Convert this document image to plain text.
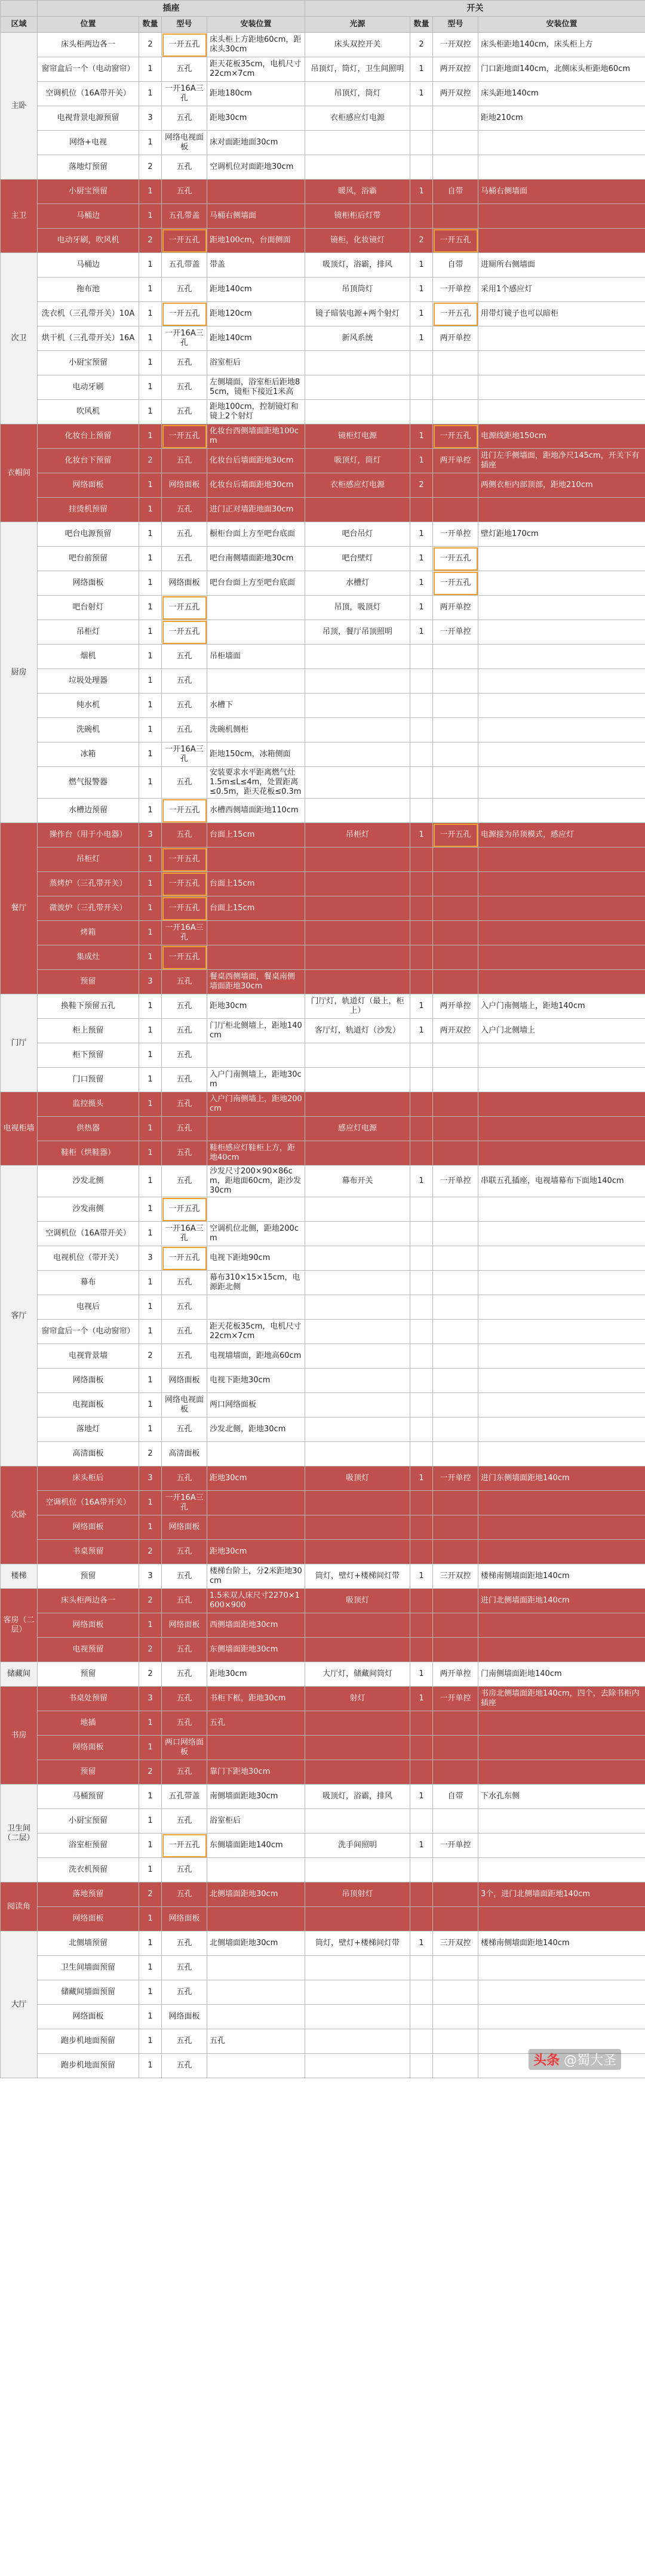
	插座				开关			
区域	位置	数量	型号	安装位置	光源	数量	型号	安装位置
主卧	床头柜两边各一	2	一开五孔	床头柜上方距地60cm，距床头30cm	床头双控开关	2	一开双控	床头柜距地140cm，床头柜上方
	窗帘盒后一个（电动窗帘）	1	五孔	距天花板35cm，电机尺寸22cm×7cm	吊顶灯，筒灯，卫生间照明	1	两开双控	门口距地面140cm，北侧床头柜距地60cm
	空调机位（16A带开关）	1	一开16A三孔	距地180cm	吊顶灯，筒灯	1	两开双控	床头距地140cm
	电视背景电源预留	3	五孔	距地30cm	衣柜感应灯电源			距地210cm
	网络+电视	1	网络电视面板	床对面距地面30cm				
	落地灯预留	2	五孔	空调机位对面距地30cm				
主卫	小厨宝预留	1	五孔		暖风，浴霸	1	自带	马桶右侧墙面
	马桶边	1	五孔带盖	马桶右侧墙面	镜柜柜后灯带			
	电动牙刷，吹风机	2	一开五孔	距地100cm，台面侧面	镜柜，化妆镜灯	2	一开五孔	
次卫	马桶边	1	五孔带盖	带盖	吸顶灯，浴霸，排风	1	自带	进厕所右侧墙面
	拖布池	1	五孔	距地140cm	吊顶筒灯	1	一开单控	采用1个感应灯
	洗衣机（三孔带开关）10A	1	一开五孔	距地120cm	镜子暗装电源+两个射灯	1	一开五孔	用带灯镜子也可以暗柜
	烘干机（三孔带开关）16A	1	一开16A三孔	距地140cm	新风系统	1	两开单控	
	小厨宝预留	1	五孔	浴室柜后				
	电动牙刷	1	五孔	左侧墙面，浴室柜后距地85cm，镜柜下接近1米高				
	吹风机	1	五孔	距地100cm，控制镜灯和镜上2个射灯				
衣帽间	化妆台上预留	1	一开五孔	化妆台西侧墙面距地100cm	镜柜灯电源	1	一开五孔	电源线距地150cm
	化妆台下预留	2	五孔	化妆台后墙面距地30cm	吸顶灯，筒灯	1	两开单控	进门左手侧墙面，距地净尺145cm，开关下有插座
	网络面板	1	网络面板	化妆台后墙面距地30cm	衣柜感应灯电源	2		两侧衣柜内部顶部，距地210cm
	挂烫机预留	1	五孔	进门正对墙距地面30cm				
厨房	吧台电源预留	1	五孔	橱柜台面上方至吧台底面	吧台吊灯	1	一开单控	壁灯距地170cm
	吧台前预留	1	五孔	吧台南侧墙面距地30cm	吧台壁灯	1	一开五孔	
	网络面板	1	网络面板	吧台台面上方至吧台底面	水槽灯	1	一开五孔	
	吧台射灯	1	一开五孔		吊顶，吸顶灯	1	两开单控	
	吊柜灯	1	一开五孔		吊顶，餐厅吊顶照明	1	一开单控	
	烟机	1	五孔	吊柜墙面				
	垃圾处理器	1	五孔					
	纯水机	1	五孔	水槽下				
	洗碗机	1	五孔	洗碗机侧柜				
	冰箱	1	一开16A三孔	距地150cm，冰箱侧面				
	燃气报警器	1	五孔	安装要求水平距离燃气灶1.5m≤L≤4m，处置距离≤0.5m，距天花板≤0.3m				
	水槽边预留	1	一开五孔	水槽西侧墙面距地110cm				
餐厅	操作台（用于小电器）	3	五孔	台面上15cm	吊柜灯	1	一开五孔	电源接为吊顶模式，感应灯
	吊柜灯	1	一开五孔					
	蒸烤炉（三孔带开关）	1	一开五孔	台面上15cm				
	微波炉（三孔带开关）	1	一开五孔	台面上15cm				
	烤箱	1	一开16A三孔					
	集成灶	1	一开五孔					
	预留	3	五孔	餐桌西侧墙面，餐桌南侧墙面距地30cm				
门厅	换鞋下预留五孔	1	五孔	距地30cm	门厅灯，轨道灯（最上，柜上）	1	两开单控	入户门南侧墙上，距地140cm
	柜上预留	1	五孔	门厅柜北侧墙上，距地140cm	客厅灯，轨道灯（沙发）	1	两开双控	入户门北侧墙上
	柜下预留	1	五孔					
	门口预留	1	五孔	入户门南侧墙上，距地30cm				
电视柜墙	监控摄头	1	五孔	入户门南侧墙上，距地200cm				
	供热器	1	五孔		感应灯电源			
	鞋柜（烘鞋器）	1	五孔	鞋柜感应灯鞋柜上方，距地40cm				
客厅	沙发北侧	1	五孔	沙发尺寸200×90×86cm，距地面60cm，距沙发30cm	幕布开关	1	一开单控	串联五孔插座，电视墙幕布下面地140cm
	沙发南侧	1	一开五孔					
	空调机位（16A带开关）	1	一开16A三孔	空调机位北侧，距地200cm				
	电视机位（带开关）	3	一开五孔	电视下距地90cm				
	幕布	1	五孔	幕布310×15×15cm，电源距北侧				
	电视后	1	五孔					
	窗帘盒后一个（电动窗帘）	1	五孔	距天花板35cm，电机尺寸22cm×7cm				
	电视背景墙	2	五孔	电视墙墙面，距地高60cm				
	网络面板	1	网络面板	电视下距地30cm				
	电视面板	1	网络电视面板	两口网络面板				
	落地灯	1	五孔	沙发北侧，距地30cm				
	高清面板	2	高清面板					
次卧	床头柜后	3	五孔	距地30cm	吸顶灯	1	一开单控	进门东侧墙面距地140cm
	空调机位（16A带开关）	1	一开16A三孔					
	网络面板	1	网络面板					
	书桌预留	2	五孔	距地30cm				
楼梯	预留	3	五孔	楼梯台阶上，分2米距地30cm	筒灯，壁灯+楼梯间灯带	1	三开双控	楼梯南侧墙面距地140cm
客房（二层）	床头柜两边各一	2	五孔	1.5米双人床尺寸2270×1600×900	吸顶灯			进门北侧墙面距地140cm
	网络面板	1	网络面板	西侧墙面距地30cm				
	电视预留	2	五孔	东侧墙面距地30cm				
储藏间	预留	2	五孔	距地30cm	大厅灯，储藏间筒灯	1	两开单控	门南侧墙面距地140cm
书房	书桌处预留	3	五孔	书柜下框，距地30cm	射灯	1	一开单控	书房北侧墙面距地140cm，四个，去除书柜内插座
	地插	1	五孔	五孔				
	网络面板	1	两口网络面板					
	预留	2	五孔	靠门下距地30cm				
卫生间（二层）	马桶预留	1	五孔带盖	南侧墙面距地30cm	吸顶灯，浴霸，排风	1	自带	下水孔东侧
	小厨宝预留	1	五孔	浴室柜后				
	浴室柜预留	1	一开五孔	东侧墙面距地140cm	洗手间照明	1	一开单控	
	洗衣机预留	1	五孔					
阅读角	落地预留	2	五孔	北侧墙面距地30cm	吊顶射灯			3个，进门北侧墙面距地140cm
	网络面板	1	网络面板					
大厅	北侧墙预留	1	五孔	北侧墙面距地30cm	筒灯，壁灯+楼梯间灯带	1	三开双控	楼梯南侧墙面距地140cm
	卫生间墙面预留	1	五孔					
	储藏间墙面预留	1	五孔					
	网络面板	1	网络面板					
	跑步机地面预留	1	五孔	五孔				
	跑步机地面预留	1	五孔						头条 @蜀大圣
